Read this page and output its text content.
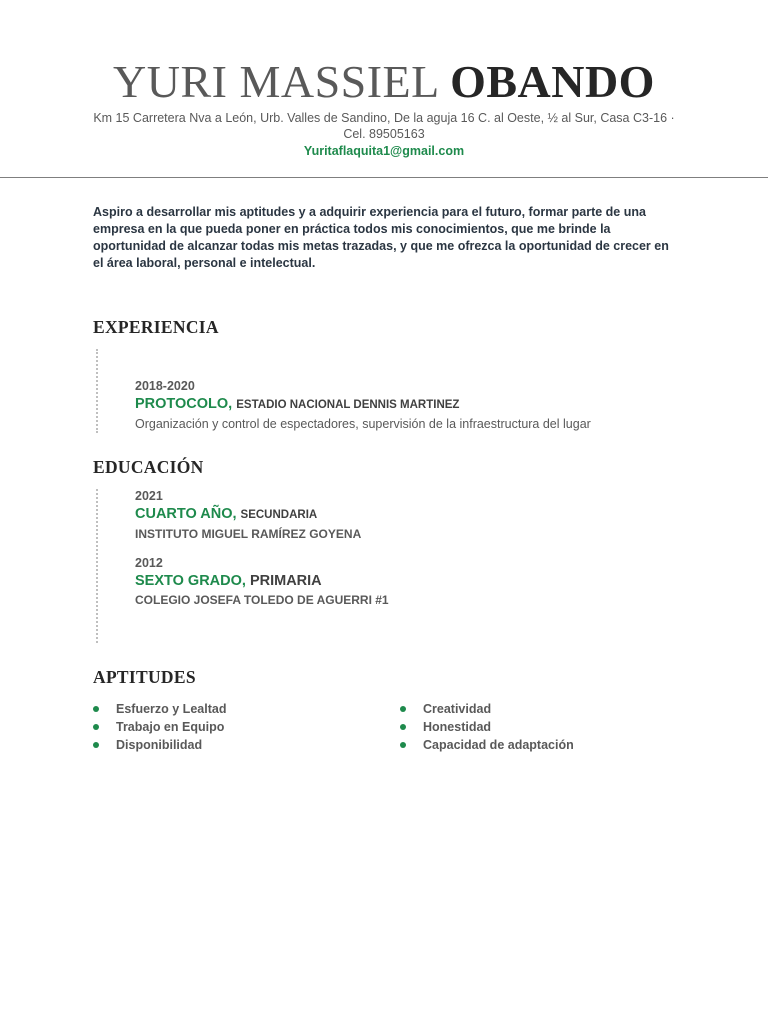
YURI MASSIEL OBANDO
Km 15 Carretera Nva a León, Urb. Valles de Sandino, De la aguja 16 C. al Oeste, ½ al Sur, Casa C3-16 · Cel. 89505163
Yuritaflaquita1@gmail.com
Aspiro a desarrollar mis aptitudes y a adquirir experiencia para el futuro, formar parte de una empresa en la que pueda poner en práctica todos mis conocimientos, que me brinde la oportunidad de alcanzar todas mis metas trazadas, y que me ofrezca la oportunidad de crecer en el área laboral, personal e intelectual.
EXPERIENCIA
2018-2020
PROTOCOLO, ESTADIO NACIONAL DENNIS MARTINEZ
Organización y control de espectadores, supervisión de la infraestructura del lugar
EDUCACIÓN
2021
CUARTO AÑO, SECUNDARIA
INSTITUTO MIGUEL RAMÍREZ GOYENA
2012
SEXTO GRADO, PRIMARIA
COLEGIO JOSEFA TOLEDO DE AGUERRI #1
APTITUDES
Esfuerzo y Lealtad
Trabajo en Equipo
Disponibilidad
Creatividad
Honestidad
Capacidad de adaptación
